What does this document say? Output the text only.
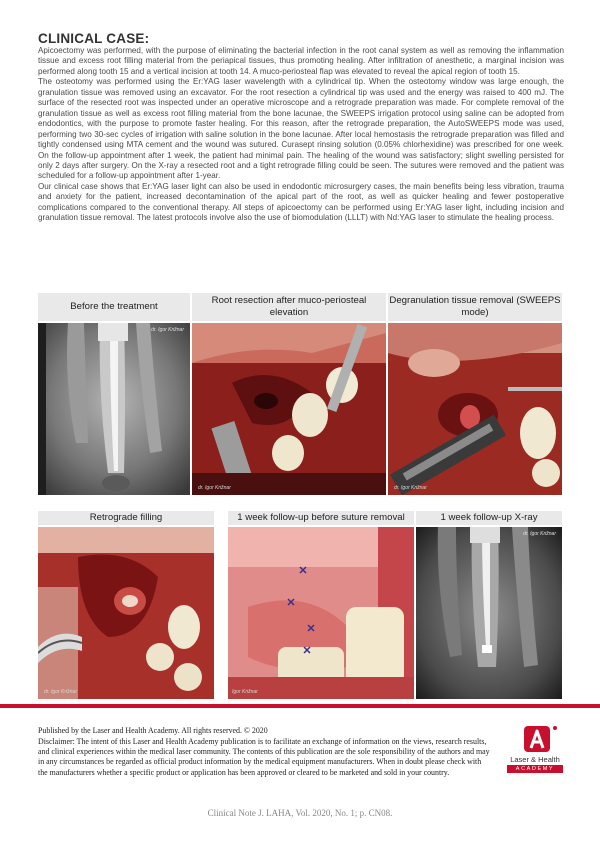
CLINICAL CASE:

Apicoectomy was performed, with the purpose of eliminating the bacterial infection in the root canal system as well as removing the inflammation tissue and excess root filling material from the periapical tissues, thus promoting healing. After infiltration of anesthetic, a marginal incision was performed along tooth 15 and a vertical incision at tooth 14. A muco-periosteal flap was elevated to reveal the apical region of tooth 15.

The osteotomy was performed using the Er:YAG laser wavelength with a cylindrical tip. When the osteotomy window was large enough, the granulation tissue was removed using an excavator. For the root resection a cylindrical tip was used and the energy was raised to 400 mJ. The surface of the resected root was inspected under an operative microscope and a retrograde preparation was made. For complete removal of the granulation tissue as well as excess root filling material from the bone lacunae, the SWEEPS irrigation protocol using saline can be adopted from endodontics, with the purpose to promote faster healing. For this reason, after the retrograde preparation, the AutoSWEEPS mode was used, performing two 30-sec cycles of irrigation with saline solution in the bone lacunae. After local hemostasis the retrograde preparation was filled and tightly condensed using MTA cement and the wound was sutured. Curasept rinsing solution (0.05% chlorhexidine) was prescribed for one week. On the follow-up appointment after 1 week, the patient had minimal pain. The healing of the wound was satisfactory; slight swelling persisted for only 2 days after surgery. On the X-ray a resected root and a tight retrograde filling could be seen. The sutures were removed and the patient was scheduled for a follow-up appointment after 1-year.

Our clinical case shows that Er:YAG laser light can also be used in endodontic microsurgery cases, the main benefits being less vibration, trauma and anxiety for the patient, increased decontamination of the apical part of the root, as well as quicker healing and fewer postoperative complications compared to the conventional therapy. All steps of apicoectomy can be performed using Er:YAG laser light, including incision and granulation tissue removal. The latest protocols involve also the use of biomodulation (LLLT) with Nd:YAG laser to stimulate the healing process.

Before the treatment
Root resection after muco-periosteal elevation
Degranulation tissue removal (SWEEPS mode)
dr. Igor Križnar
dr. Igor Križnar	dr. Igor Križnar
Retrograde filling	1 week follow-up before suture removal	1 week follow-up X-ray
dr. Igor Križnar	Igor Križnar
dr. Igor Križnar
Published by the Laser and Health Academy. All rights reserved. © 2020
Disclaimer: The intent of this Laser and Health Academy publication is to facilitate an exchange of information on the views, research results, and clinical experiences within the medical laser community. The contents of this publication are the sole responsibility of the authors and may in any circumstances be regarded as official product information by the medical equipment manufacturers. When in doubt please check with the manufacturers whether a specific product or application has been approved or cleared to be marketed and sold in your country.
Laser & Health
ACADEMY
Clinical Note J. LAHA, Vol. 2020, No. 1; p. CN08.
